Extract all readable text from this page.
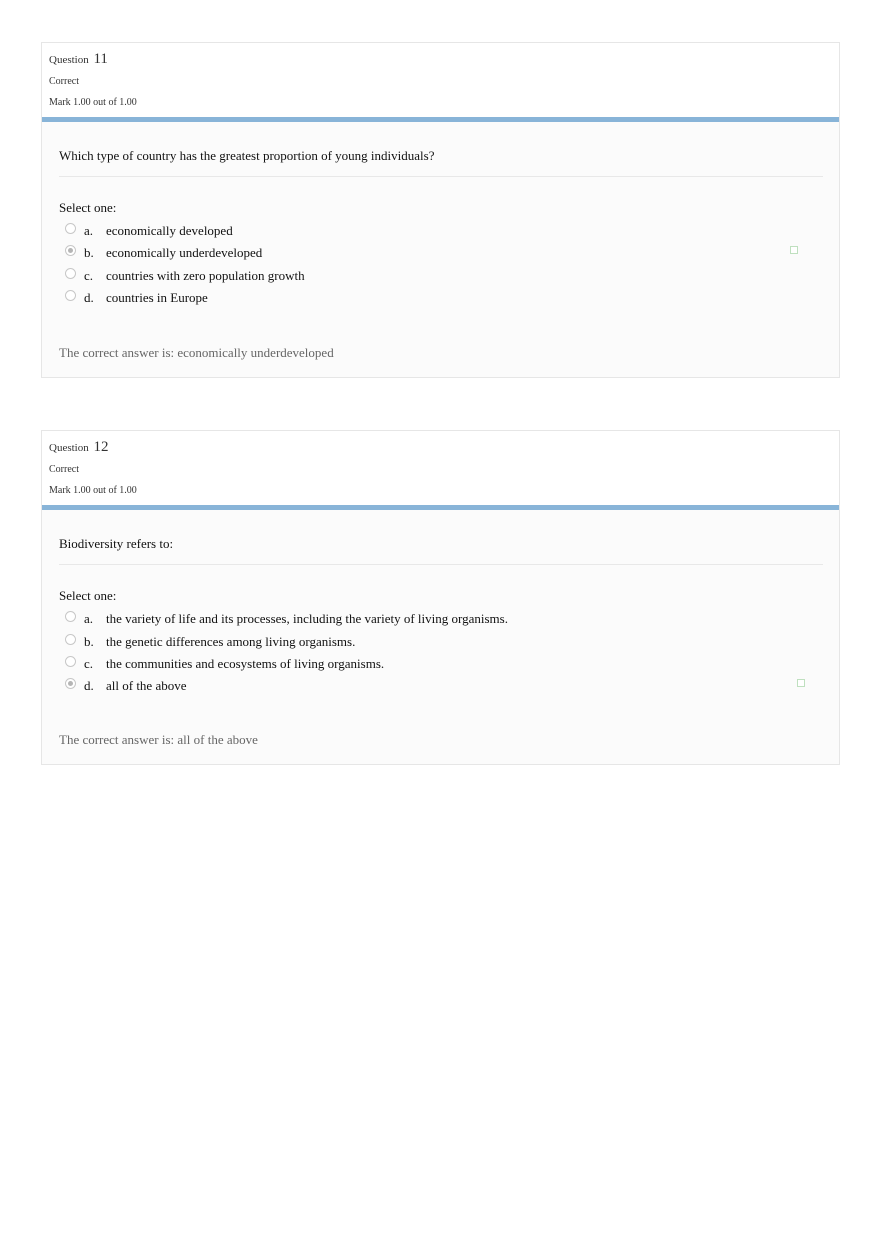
Question 11
Correct
Mark 1.00 out of 1.00
Which type of country has the greatest proportion of young individuals?
Select one:
a. economically developed
b. economically underdeveloped
c. countries with zero population growth
d. countries in Europe
The correct answer is: economically underdeveloped
Question 12
Correct
Mark 1.00 out of 1.00
Biodiversity refers to:
Select one:
a. the variety of life and its processes, including the variety of living organisms.
b. the genetic differences among living organisms.
c. the communities and ecosystems of living organisms.
d. all of the above
The correct answer is: all of the above
